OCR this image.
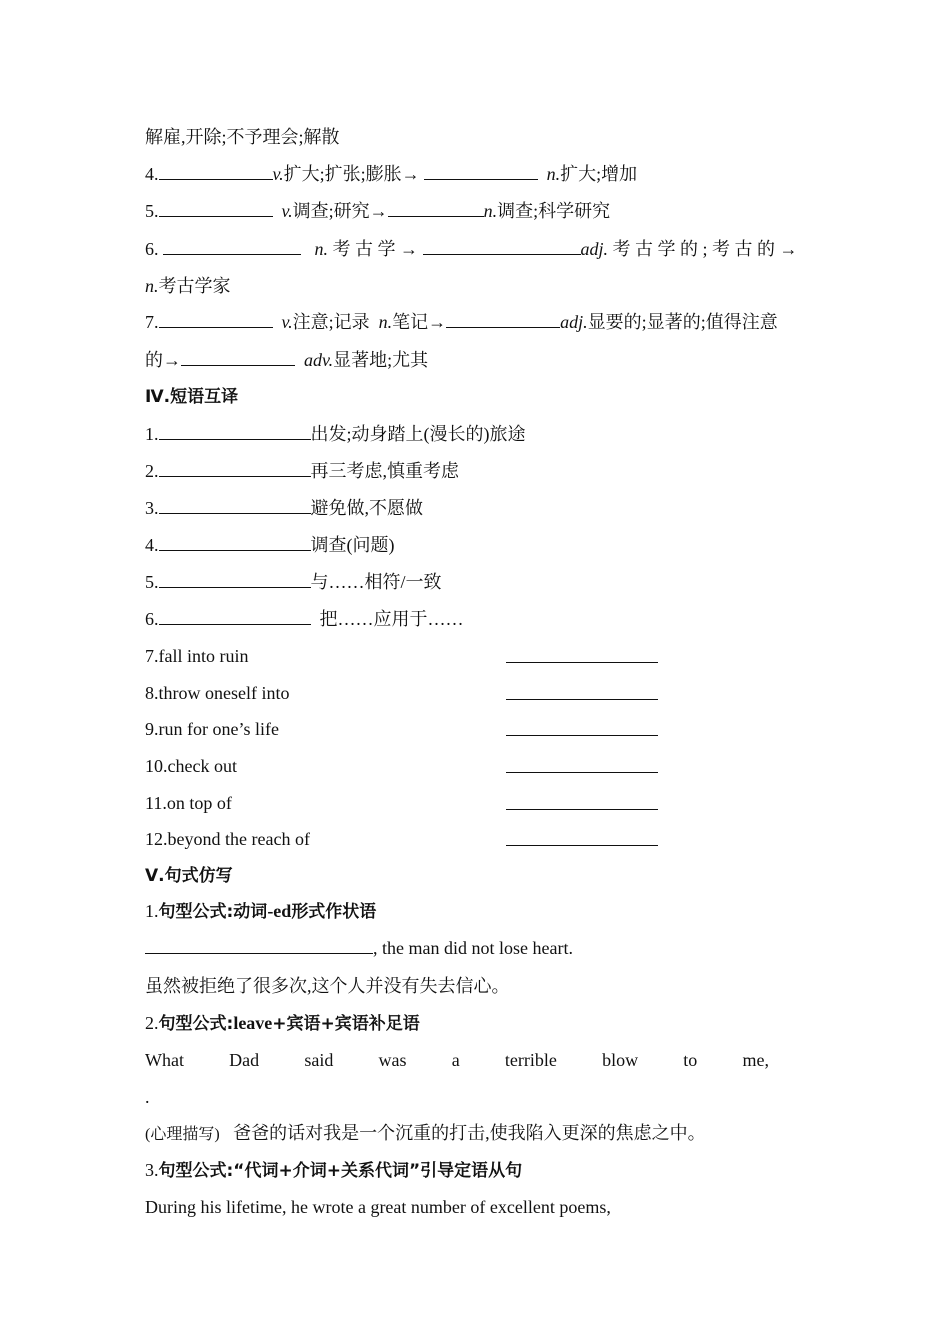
解雇,开除;不予理会;解散
4.	v.扩大;扩张;膨胀→	n.扩大;增加
5.	v.调查;研究→	n.调查;科学研究
6.	n. 考 古 学 →	adj. 考 古 学 的 ; 考 古 的 →
n.考古学家
7.	v.注意;记录  n.笔记→	adj.显要的;显著的;值得注意
的→	adv.显著地;尤其
Ⅳ.短语互译
1.	出发;动身踏上(漫长的)旅途
2.	再三考虑,慎重考虑
3.	避免做,不愿做
4.	调查(问题)
5.	与……相符/一致
6.	把……应用于……
7.fall into ruin
8.throw oneself into
9.run for one’s life
10.check out
11.on top of
12.beyond the reach of
Ⅴ.句式仿写
1.句型公式:动词-ed形式作状语
, the man did not lose heart.
虽然被拒绝了很多次,这个人并没有失去信心。
2.句型公式:leave+宾语+宾语补足语
What	Dad	said	was	a	terrible	blow	to	me,
.
(心理描写) 爸爸的话对我是一个沉重的打击,使我陷入更深的焦虑之中。
3.句型公式:“代词+介词+关系代词”引导定语从句
During his lifetime, he wrote a great number of excellent poems,
